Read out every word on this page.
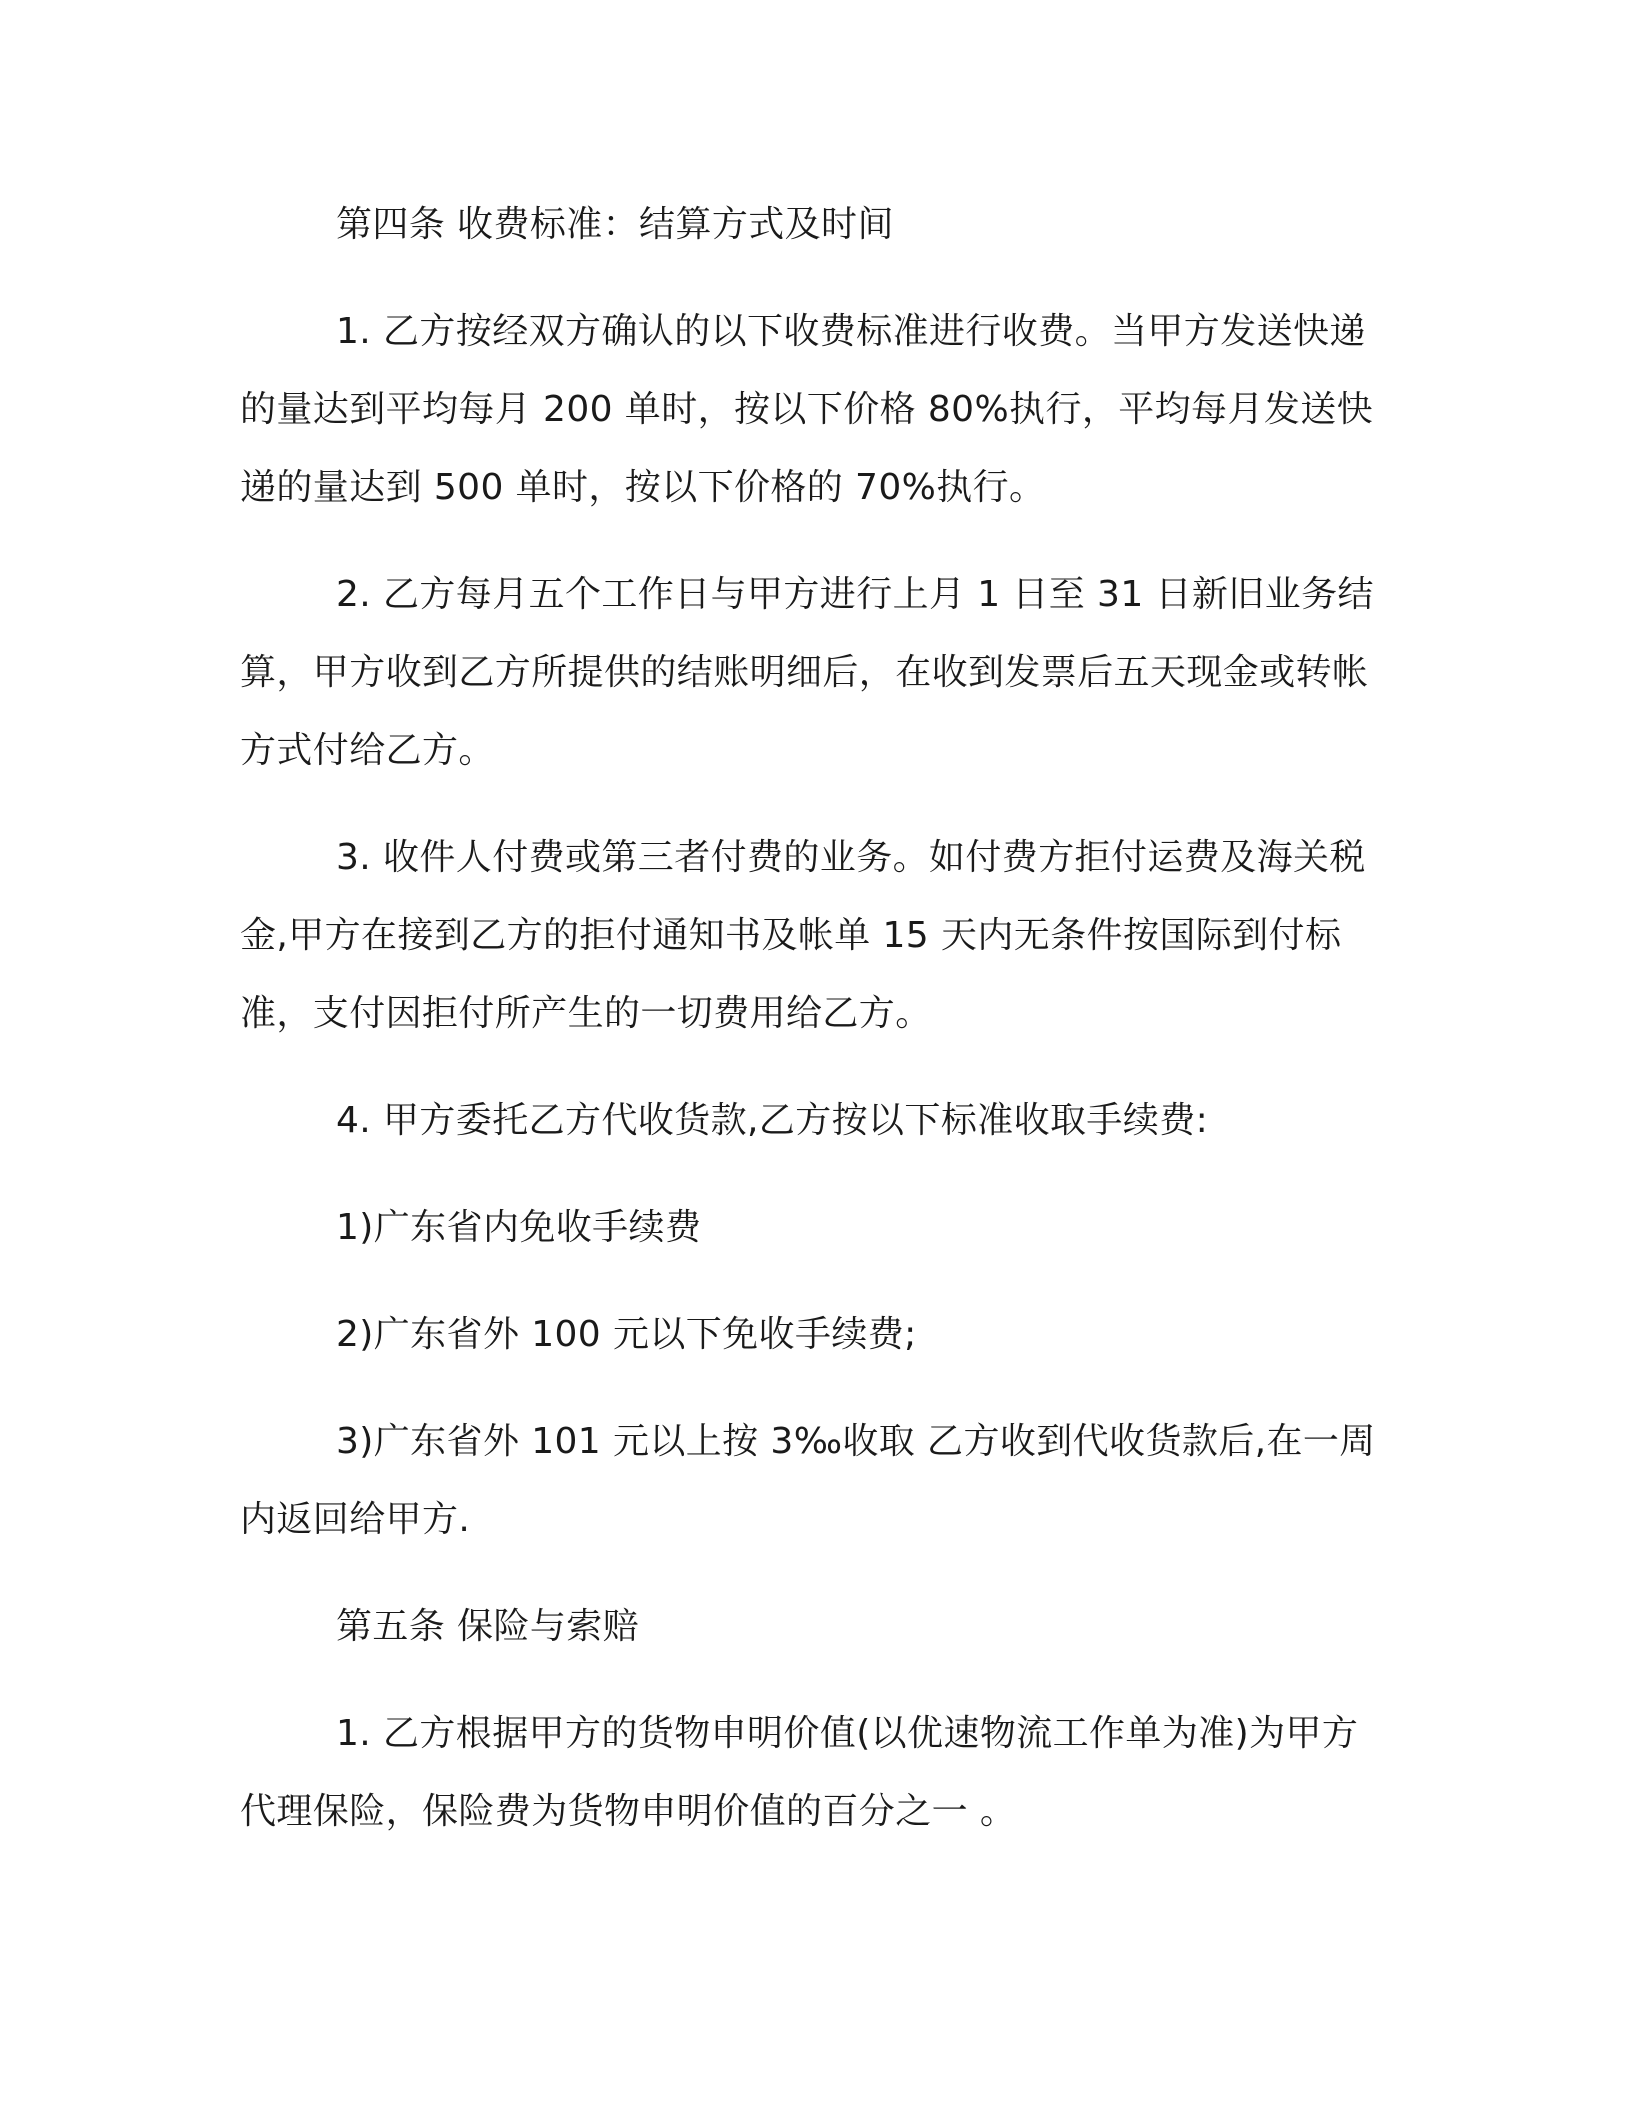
第四条 收费标准：结算方式及时间

1. 乙方按经双方确认的以下收费标准进行收费。当甲方发送快递的量达到平均每月 200 单时，按以下价格 80%执行，平均每月发送快递的量达到 500 单时，按以下价格的 70%执行。

2. 乙方每月五个工作日与甲方进行上月 1 日至 31 日新旧业务结算，甲方收到乙方所提供的结账明细后，在收到发票后五天现金或转帐方式付给乙方。

3. 收件人付费或第三者付费的业务。如付费方拒付运费及海关税金,甲方在接到乙方的拒付通知书及帐单 15 天内无条件按国际到付标准，支付因拒付所产生的一切费用给乙方。

4. 甲方委托乙方代收货款,乙方按以下标准收取手续费:

1)广东省内免收手续费

2)广东省外 100 元以下免收手续费;

3)广东省外 101 元以上按 3‰收取 乙方收到代收货款后,在一周内返回给甲方.

第五条 保险与索赔

1. 乙方根据甲方的货物申明价值(以优速物流工作单为准)为甲方代理保险，保险费为货物申明价值的百分之一 。
